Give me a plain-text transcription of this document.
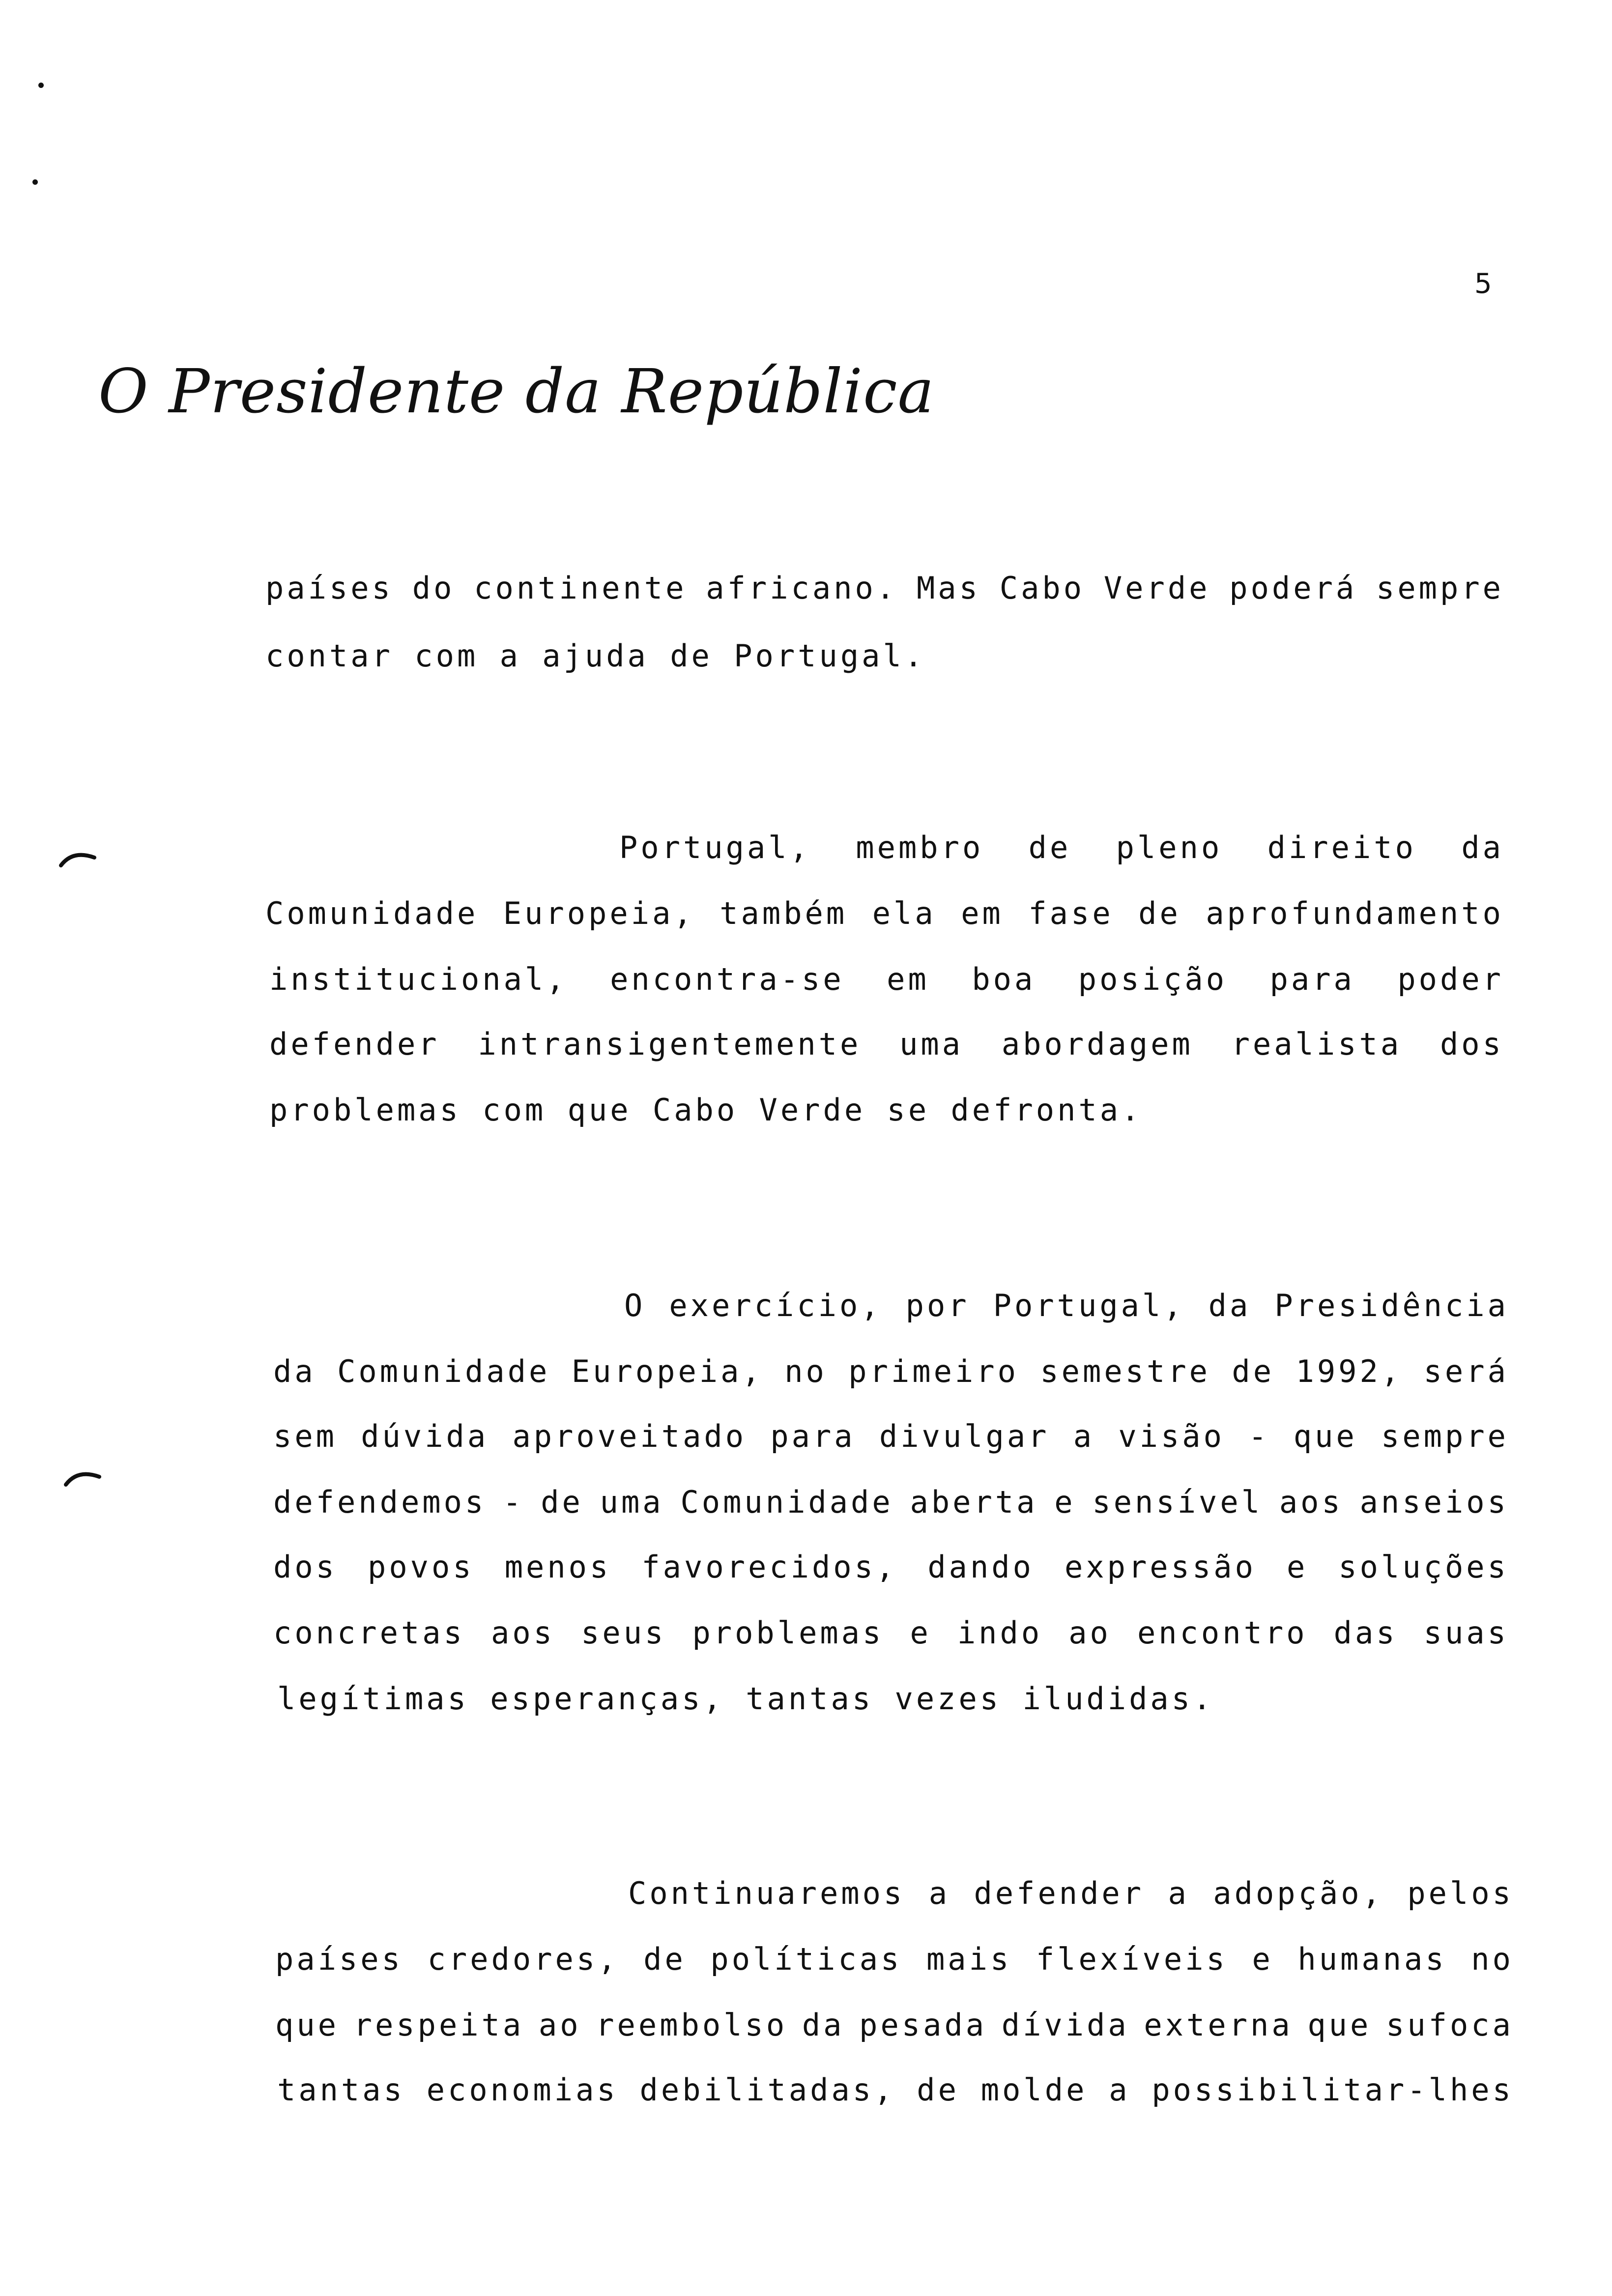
5
O Presidente da República
países do continente africano. Mas Cabo Verde poderá sempre
contar com a ajuda de Portugal.
Portugal, membro de pleno direito da
Comunidade Europeia, também ela em fase de aprofundamento
institucional, encontra-se em boa posição para poder
defender intransigentemente uma abordagem realista dos
problemas com que Cabo Verde se defronta.
O exercício, por Portugal, da Presidência
da Comunidade Europeia, no primeiro semestre de 1992, será
sem dúvida aproveitado para divulgar a visão - que sempre
defendemos - de uma Comunidade aberta e sensível aos anseios
dos povos menos favorecidos, dando expressão e soluções
concretas aos seus problemas e indo ao encontro das suas
legítimas esperanças, tantas vezes iludidas.
Continuaremos a defender a adopção, pelos
países credores, de políticas mais flexíveis e humanas no
que respeita ao reembolso da pesada dívida externa que sufoca
tantas economias debilitadas, de molde a possibilitar-lhes
